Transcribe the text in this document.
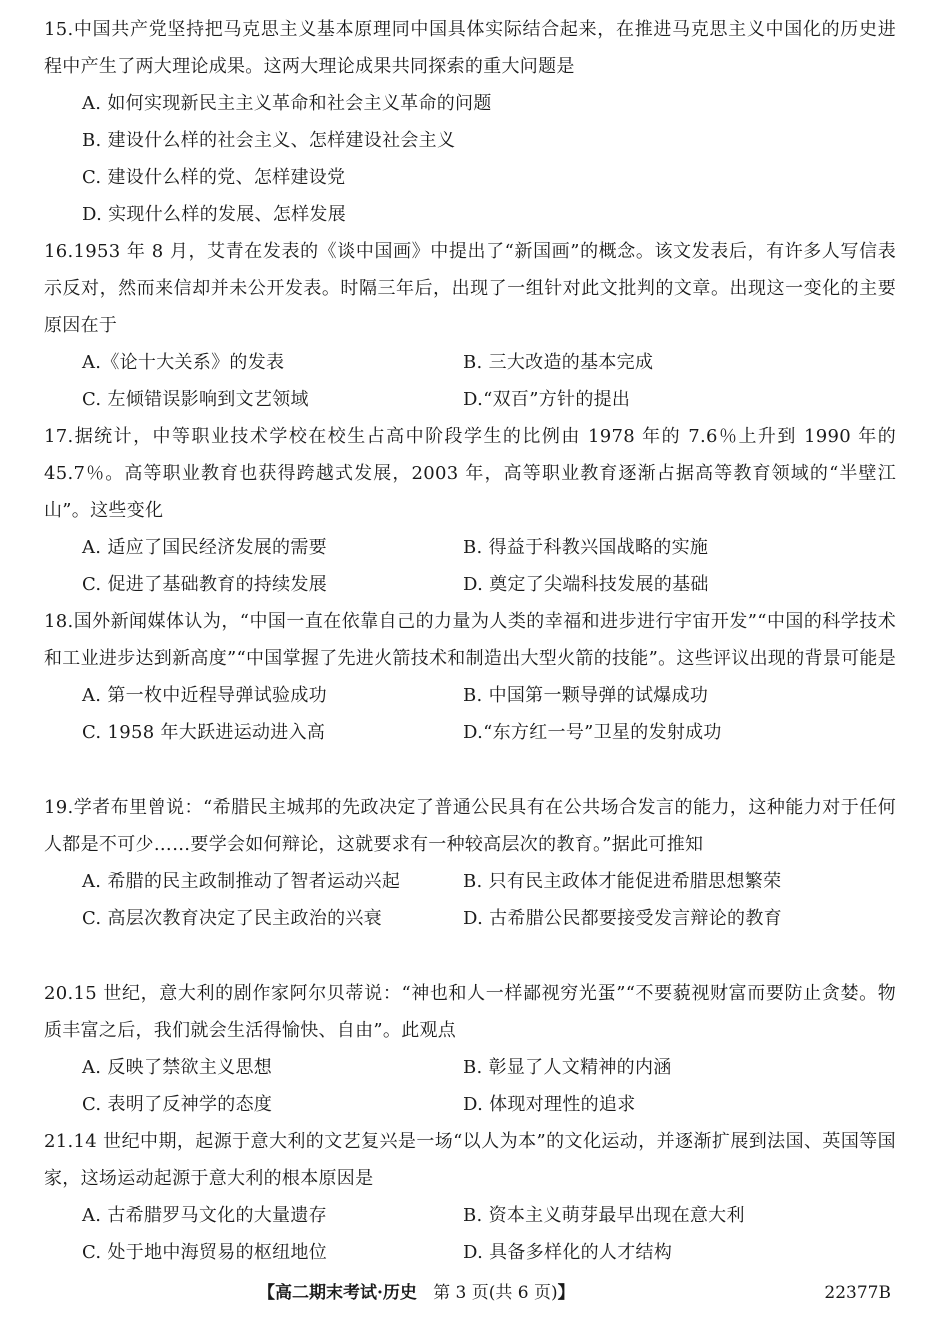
15.中国共产党坚持把马克思主义基本原理同中国具体实际结合起来，在推进马克思主义中国化的历史进程中产生了两大理论成果。这两大理论成果共同探索的重大问题是
A. 如何实现新民主主义革命和社会主义革命的问题
B. 建设什么样的社会主义、怎样建设社会主义
C. 建设什么样的党、怎样建设党
D. 实现什么样的发展、怎样发展
16.1953 年 8 月，艾青在发表的《谈中国画》中提出了“新国画”的概念。该文发表后，有许多人写信表示反对，然而来信却并未公开发表。时隔三年后，出现了一组针对此文批判的文章。出现这一变化的主要原因在于
A.《论十大关系》的发表	B. 三大改造的基本完成
C. 左倾错误影响到文艺领域	D.“双百”方针的提出
17.据统计，中等职业技术学校在校生占高中阶段学生的比例由 1978 年的 7.6％上升到 1990 年的 45.7％。高等职业教育也获得跨越式发展，2003 年，高等职业教育逐渐占据高等教育领域的“半壁江山”。这些变化
A. 适应了国民经济发展的需要	B. 得益于科教兴国战略的实施
C. 促进了基础教育的持续发展	D. 奠定了尖端科技发展的基础
18.国外新闻媒体认为，“中国一直在依靠自己的力量为人类的幸福和进步进行宇宙开发”“中国的科学技术和工业进步达到新高度”“中国掌握了先进火箭技术和制造出大型火箭的技能”。这些评议出现的背景可能是
A. 第一枚中近程导弹试验成功	B. 中国第一颗导弹的试爆成功
C. 1958 年大跃进运动进入高	D.“东方红一号”卫星的发射成功
19.学者布里曾说：“希腊民主城邦的先政决定了普通公民具有在公共场合发言的能力，这种能力对于任何人都是不可少……要学会如何辩论，这就要求有一种较高层次的教育。”据此可推知
A. 希腊的民主政制推动了智者运动兴起	B. 只有民主政体才能促进希腊思想繁荣
C. 高层次教育决定了民主政治的兴衰	D. 古希腊公民都要接受发言辩论的教育
20.15 世纪，意大利的剧作家阿尔贝蒂说：“神也和人一样鄙视穷光蛋”“不要藐视财富而要防止贪婪。物质丰富之后，我们就会生活得愉快、自由”。此观点
A. 反映了禁欲主义思想	B. 彰显了人文精神的内涵
C. 表明了反神学的态度	D. 体现对理性的追求
21.14 世纪中期，起源于意大利的文艺复兴是一场“以人为本”的文化运动，并逐渐扩展到法国、英国等国家，这场运动起源于意大利的根本原因是
A. 古希腊罗马文化的大量遗存	B. 资本主义萌芽最早出现在意大利
C. 处于地中海贸易的枢纽地位	D. 具备多样化的人才结构
【高二期末考试·历史 第 3 页(共 6 页)】	22377B
